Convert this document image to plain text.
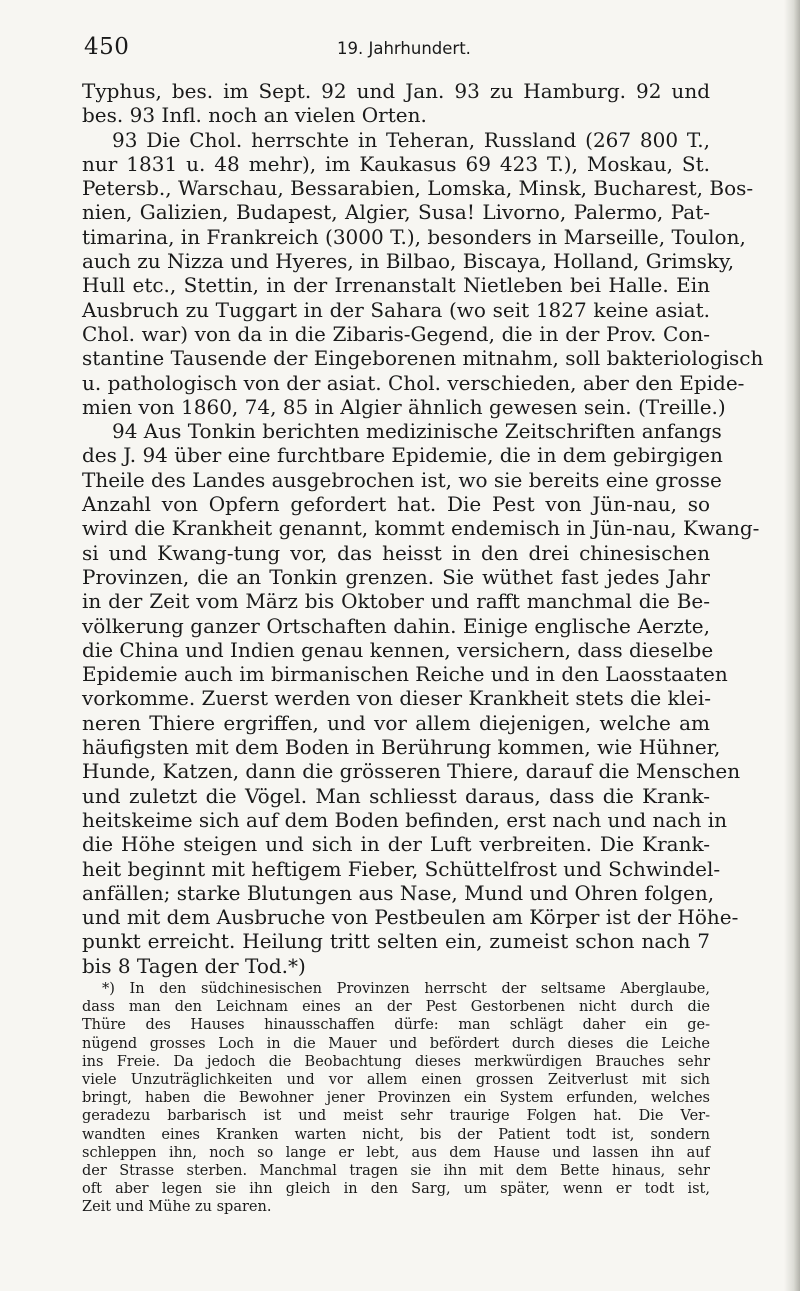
450	19. Jahrhundert.
Typhus, bes. im Sept. 92 und Jan. 93 zu Hamburg. 92 und
bes. 93 Infl. noch an vielen Orten.
93 Die Chol. herrschte in Teheran, Russland (267 800 T.,
nur 1831 u. 48 mehr), im Kaukasus 69 423 T.), Moskau, St.
Petersb., Warschau, Bessarabien, Lomska, Minsk, Bucharest, Bos-
nien, Galizien, Budapest, Algier, Susa! Livorno, Palermo, Pat-
timarina, in Frankreich (3000 T.), besonders in Marseille, Toulon,
auch zu Nizza und Hyeres, in Bilbao, Biscaya, Holland, Grimsky,
Hull etc., Stettin, in der Irrenanstalt Nietleben bei Halle. Ein
Ausbruch zu Tuggart in der Sahara (wo seit 1827 keine asiat.
Chol. war) von da in die Zibaris-Gegend, die in der Prov. Con-
stantine Tausende der Eingeborenen mitnahm, soll bakteriologisch
u. pathologisch von der asiat. Chol. verschieden, aber den Epide-
mien von 1860, 74, 85 in Algier ähnlich gewesen sein. (Treille.)
94 Aus Tonkin berichten medizinische Zeitschriften anfangs
des J. 94 über eine furchtbare Epidemie, die in dem gebirgigen
Theile des Landes ausgebrochen ist, wo sie bereits eine grosse
Anzahl von Opfern gefordert hat. Die Pest von Jün-nau, so
wird die Krankheit genannt, kommt endemisch in Jün-nau, Kwang-
si und Kwang-tung vor, das heisst in den drei chinesischen
Provinzen, die an Tonkin grenzen. Sie wüthet fast jedes Jahr
in der Zeit vom März bis Oktober und rafft manchmal die Be-
völkerung ganzer Ortschaften dahin. Einige englische Aerzte,
die China und Indien genau kennen, versichern, dass dieselbe
Epidemie auch im birmanischen Reiche und in den Laosstaaten
vorkomme. Zuerst werden von dieser Krankheit stets die klei-
neren Thiere ergriffen, und vor allem diejenigen, welche am
häufigsten mit dem Boden in Berührung kommen, wie Hühner,
Hunde, Katzen, dann die grösseren Thiere, darauf die Menschen
und zuletzt die Vögel. Man schliesst daraus, dass die Krank-
heitskeime sich auf dem Boden befinden, erst nach und nach in
die Höhe steigen und sich in der Luft verbreiten. Die Krank-
heit beginnt mit heftigem Fieber, Schüttelfrost und Schwindel-
anfällen; starke Blutungen aus Nase, Mund und Ohren folgen,
und mit dem Ausbruche von Pestbeulen am Körper ist der Höhe-
punkt erreicht. Heilung tritt selten ein, zumeist schon nach 7
bis 8 Tagen der Tod.*)
*) In den südchinesischen Provinzen herrscht der seltsame Aberglaube,
dass man den Leichnam eines an der Pest Gestorbenen nicht durch die
Thüre des Hauses hinausschaffen dürfe: man schlägt daher ein ge-
nügend grosses Loch in die Mauer und befördert durch dieses die Leiche
ins Freie. Da jedoch die Beobachtung dieses merkwürdigen Brauches sehr
viele Unzuträglichkeiten und vor allem einen grossen Zeitverlust mit sich
bringt, haben die Bewohner jener Provinzen ein System erfunden, welches
geradezu barbarisch ist und meist sehr traurige Folgen hat. Die Ver-
wandten eines Kranken warten nicht, bis der Patient todt ist, sondern
schleppen ihn, noch so lange er lebt, aus dem Hause und lassen ihn auf
der Strasse sterben. Manchmal tragen sie ihn mit dem Bette hinaus, sehr
oft aber legen sie ihn gleich in den Sarg, um später, wenn er todt ist,
Zeit und Mühe zu sparen.
